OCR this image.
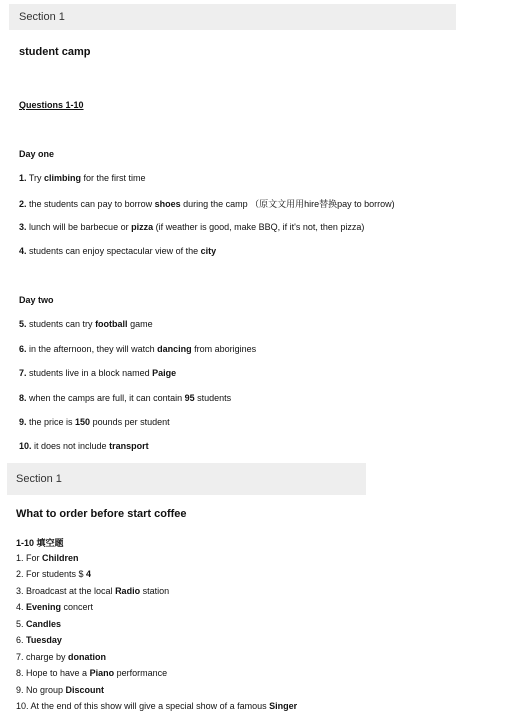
Section 1
student camp
Questions 1-10
Day one
1. Try climbing for the first time
2. the students can pay to borrow shoes during the camp （原文文用用hire替换pay to borrow)
3. lunch will be barbecue or pizza (if weather is good, make BBQ, if it's not, then pizza)
4. students can enjoy spectacular view of the city
Day two
5. students can try football game
6. in the afternoon, they will watch dancing from aborigines
7. students live in a block named Paige
8. when the camps are full, it can contain 95 students
9. the price is 150 pounds per student
10. it does not include transport
Section 1
What to order before start coffee
1-10 填空题
1. For Children
2. For students $ 4
3. Broadcast at the local Radio station
4. Evening concert
5. Candles
6. Tuesday
7. charge by donation
8. Hope to have a Piano performance
9. No group Discount
10. At the end of this show will give a special show of a famous Singer
